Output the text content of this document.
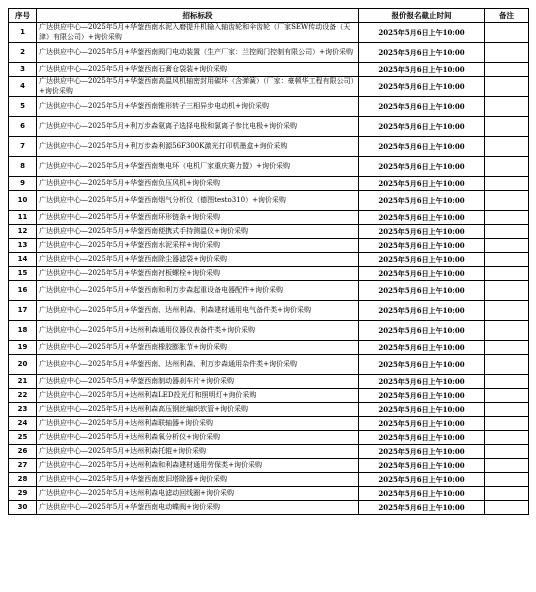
序号	招标标段	报价报名截止时间	备注
1	广达供应中心—2025年5月+华蓥西南水泥入磨提升机输入轴齿轮和伞齿轮（厂家SEW传动设备（天津）有限公司）+询价采购	2025年5月6日上午10:00	
2	广达供应中心—2025年5月+华蓥西南阀门电动装置（生产厂家：兰控阀门控制有限公司）+询价采购	2025年5月6日上午10:00	
3	广达供应中心—2025年5月+华蓥西南石膏仓袋装+询价采购	2025年5月6日上午10:00	
4	广达供应中心—2025年5月+华蓥西南高温风机轴密封用碳环（含弹簧）（厂家：豪顿华工程有限公司）+询价采购	2025年5月6日上午10:00	
5	广达供应中心—2025年5月+华蓥西南锥形转子三相异步电动机+询价采购	2025年5月6日上午10:00	
6	广达供应中心—2025年5月+利万步森氨离子选择电极和氯离子参比电极+询价采购	2025年5月6日上午10:00	
7	广达供应中心—2025年5月+利万步森利源56F300K激光打印机墨盒+询价采购	2025年5月6日上午10:00	
8	广达供应中心—2025年5月+华蓥西南集电环（电机厂家重庆赛力盟）+询价采购	2025年5月6日上午10:00	
9	广达供应中心—2025年5月+华蓥西南负压风机+询价采购	2025年5月6日上午10:00	
10	广达供应中心—2025年5月+华蓥西南烟气分析仪（德图testo310）+询价采购	2025年5月6日上午10:00	
11	广达供应中心—2025年5月+华蓥西南环形链条+询价采购	2025年5月6日上午10:00	
12	广达供应中心—2025年5月+华蓥西南便携式手持测温仪+询价采购	2025年5月6日上午10:00	
13	广达供应中心—2025年5月+华蓥西南水泥采样+询价采购	2025年5月6日上午10:00	
14	广达供应中心—2025年5月+华蓥西南除尘器滤袋+询价采购	2025年5月6日上午10:00	
15	广达供应中心—2025年5月+华蓥西南衬板螺栓+询价采购	2025年5月6日上午10:00	
16	广达供应中心—2025年5月+华蓥西南和利万步森起重设备电器配件+询价采购	2025年5月6日上午10:00	
17	广达供应中心—2025年5月+华蓥西南、达州利森、利森建材通用电气备件类+询价采购	2025年5月6日上午10:00	
18	广达供应中心—2025年5月+达州利森通用仪器仪表备件类+询价采购	2025年5月6日上午10:00	
19	广达供应中心—2025年5月+华蓥西南橡胶膨胀节+询价采购	2025年5月6日上午10:00	
20	广达供应中心—2025年5月+华蓥西南、达州利森、利万步森通用杂件类+询价采购	2025年5月6日上午10:00	
21	广达供应中心—2025年5月+华蓥西南制动器刹车片+询价采购	2025年5月6日上午10:00	
22	广达供应中心—2025年5月+达州利森LED投光灯和照明灯+询价采购	2025年5月6日上午10:00	
23	广达供应中心—2025年5月+达州利森高压钢丝编织软管+询价采购	2025年5月6日上午10:00	
24	广达供应中心—2025年5月+达州利森联轴器+询价采购	2025年5月6日上午10:00	
25	广达供应中心—2025年5月+达州利森氧分析仪+询价采购	2025年5月6日上午10:00	
26	广达供应中心—2025年5月+达州利森托辊+询价采购	2025年5月6日上午10:00	
27	广达供应中心—2025年5月+达州利森和利森建材通用劳保类+询价采购	2025年5月6日上午10:00	
28	广达供应中心—2025年5月+华蓥西南废旧塔除器+询价采购	2025年5月6日上午10:00	
29	广达供应中心—2025年5月+达州利森电滤动回线圈+询价采购	2025年5月6日上午10:00	
30	广达供应中心—2025年5月+华蓥西南电动蝶阀+询价采购	2025年5月6日上午10:00	
